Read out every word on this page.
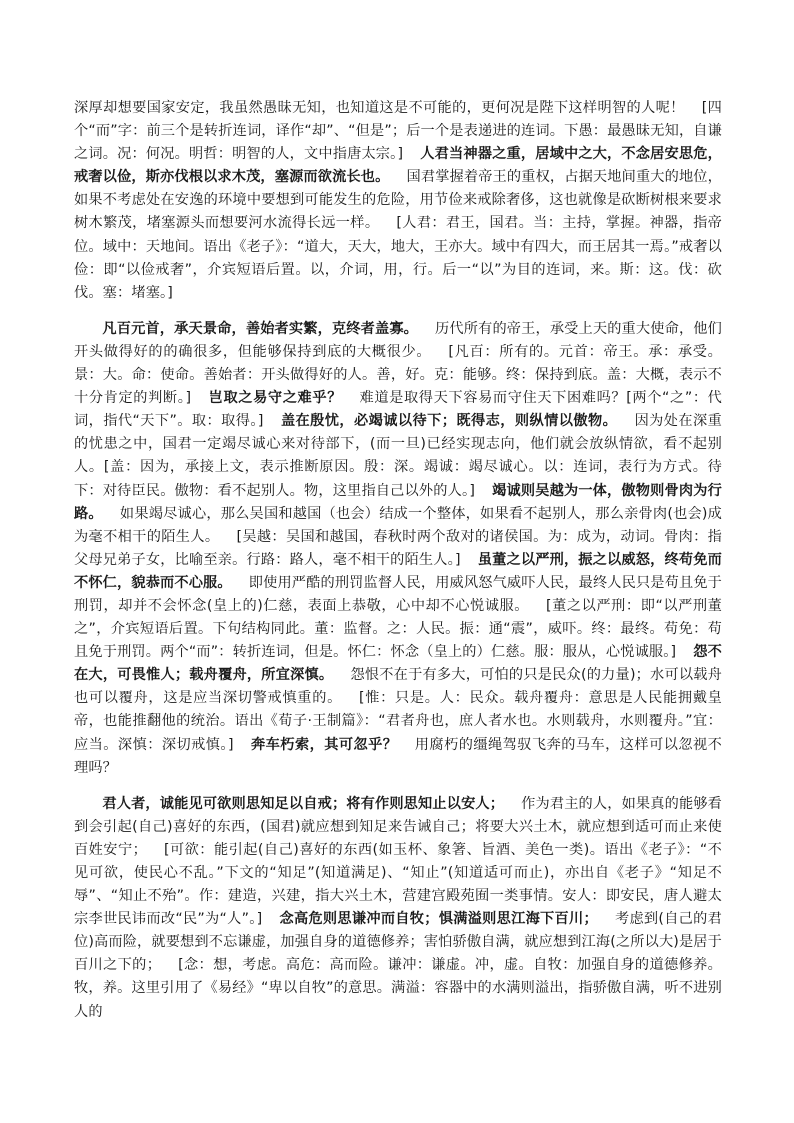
深厚却想要国家安定，我虽然愚昧无知，也知道这是不可能的，更何况是陛下这样明智的人呢！ [四个“而”字：前三个是转折连词，译作“却”、“但是”；后一个是表递进的连词。下愚：最愚昧无知，自谦之词。况：何况。明哲：明智的人，文中指唐太宗。] 人君当神器之重，居域中之大，不念居安思危，戒奢以俭，斯亦伐根以求木茂，塞源而欲流长也。 国君掌握着帝王的重权，占据天地间重大的地位，如果不考虑处在安逸的环境中要想到可能发生的危险，用节俭来戒除奢侈，这也就像是砍断树根来要求树木繁茂，堵塞源头而想要河水流得长远一样。 [人君：君王，国君。当：主持，掌握。神器，指帝位。域中：天地间。语出《老子》：“道大，天大，地大，王亦大。域中有四大，而王居其一焉。”戒奢以俭：即“以俭戒奢”，介宾短语后置。以，介词，用，行。后一“以”为目的连词，来。斯：这。伐：砍伐。塞：堵塞。]

凡百元首，承天景命，善始者实繁，克终者盖寡。 历代所有的帝王，承受上天的重大使命，他们开头做得好的的确很多，但能够保持到底的大概很少。 [凡百：所有的。元首：帝王。承：承受。景：大。命：使命。善始者：开头做得好的人。善，好。克：能够。终：保持到底。盖：大概，表示不十分肯定的判断。] 岂取之易守之难乎？ 难道是取得天下容易而守住天下困难吗？[两个“之”：代词，指代“天下”。取：取得。] 盖在殷忧，必竭诚以待下；既得志，则纵情以傲物。 因为处在深重的忧患之中，国君一定竭尽诚心来对待部下，(而一旦)已经实现志向，他们就会放纵情欲，看不起别人。[盖：因为，承接上文，表示推断原因。殷：深。竭诚：竭尽诚心。以：连词，表行为方式。待下：对待臣民。傲物：看不起别人。物，这里指自己以外的人。] 竭诚则吴越为一体，傲物则骨肉为行路。 如果竭尽诚心，那么吴国和越国（也会）结成一个整体，如果看不起别人，那么亲骨肉(也会)成为毫不相干的陌生人。 [吴越：吴国和越国，春秋时两个敌对的诸侯国。为：成为，动词。骨肉：指父母兄弟子女，比喻至亲。行路：路人，毫不相干的陌生人。] 虽董之以严刑，振之以威怒，终苟免而不怀仁，貌恭而不心服。 即使用严酷的刑罚监督人民，用威风怒气威吓人民，最终人民只是苟且免于刑罚，却并不会怀念(皇上的)仁慈，表面上恭敬，心中却不心悦诚服。 [董之以严刑：即“以严刑董之”，介宾短语后置。下句结构同此。董：监督。之：人民。振：通“震”，威吓。终：最终。苟免：苟且免于刑罚。两个“而”：转折连词，但是。怀仁：怀念（皇上的）仁慈。服：服从，心悦诚服。] 怨不在大，可畏惟人；载舟覆舟，所宜深慎。 怨恨不在于有多大，可怕的只是民众(的力量)；水可以载舟也可以覆舟，这是应当深切警戒慎重的。 [惟：只是。人：民众。载舟覆舟：意思是人民能拥戴皇帝，也能推翻他的统治。语出《荀子·王制篇》：“君者舟也，庶人者水也。水则载舟，水则覆舟。”宜：应当。深慎：深切戒慎。] 奔车朽索，其可忽乎？ 用腐朽的缰绳驾驭飞奔的马车，这样可以忽视不理吗？

君人者，诚能见可欲则思知足以自戒；将有作则思知止以安人； 作为君主的人，如果真的能够看到会引起(自己)喜好的东西，(国君)就应想到知足来告诫自己；将要大兴土木，就应想到适可而止来使百姓安宁； [可欲：能引起(自己)喜好的东西(如玉杯、象箸、旨酒、美色一类)。语出《老子》：“不见可欲，使民心不乱。”下文的“知足”(知道满足)、“知止”(知道适可而止)，亦出自《老子》“知足不辱”、“知止不殆”。作：建造，兴建，指大兴土木，营建宫殿苑囿一类事情。安人：即安民，唐人避太宗李世民讳而改“民”为“人”。] 念高危则思谦冲而自牧；惧满溢则思江海下百川； 考虑到(自己的君位)高而险，就要想到不忘谦虚，加强自身的道德修养；害怕骄傲自满，就应想到江海(之所以大)是居于百川之下的； [念：想，考虑。高危：高而险。谦冲：谦虚。冲，虚。自牧：加强自身的道德修养。牧，养。这里引用了《易经》“卑以自牧”的意思。满溢：容器中的水满则溢出，指骄傲自满，听不进别人的
